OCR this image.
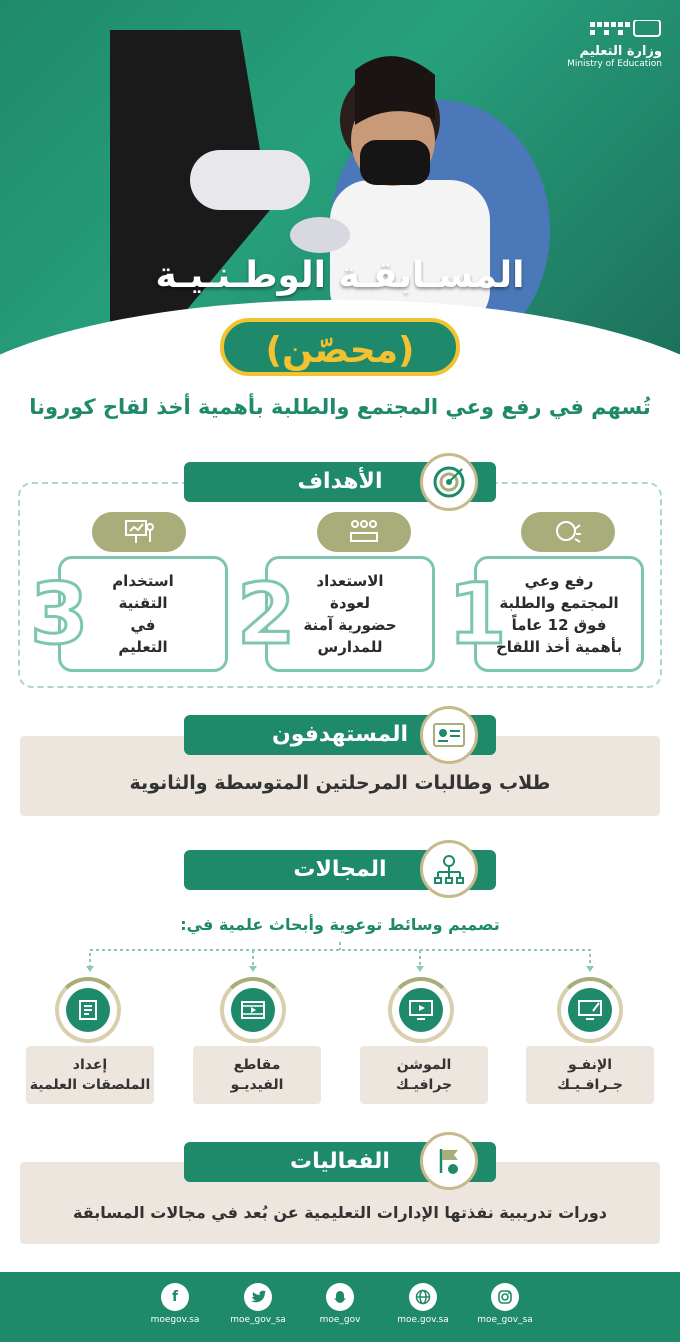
وزارة التعليم
Ministry of Education
المسـابقـة الوطـنـيـة
(محصّن)
تُسهم في رفع وعي المجتمع والطلبة بأهمية أخذ لقاح كورونا
الأهداف
رفع وعي
المجتمع والطلبة
فوق 12 عاماً
بأهمية أخذ اللقاح
1
الاستعداد
لعودة
حضورية آمنة
للمدارس
2
استخدام
التقنية
في
التعليم
3
المستهدفون
طلاب وطالبات المرحلتين المتوسطة والثانوية
المجالات
تصميم وسائط توعوية وأبحاث علمية في:
الإنفـو
جـرافـيـك
الموشن
جرافيـك
مقاطع
الفيديـو
إعداد
الملصقات العلمية
الفعاليات
دورات تدريبية نفذتها الإدارات التعليمية عن بُعد في مجالات المسابقة
f
moegov.sa	moe_gov_sa	moe_gov	moe.gov.sa	moe_gov_sa
